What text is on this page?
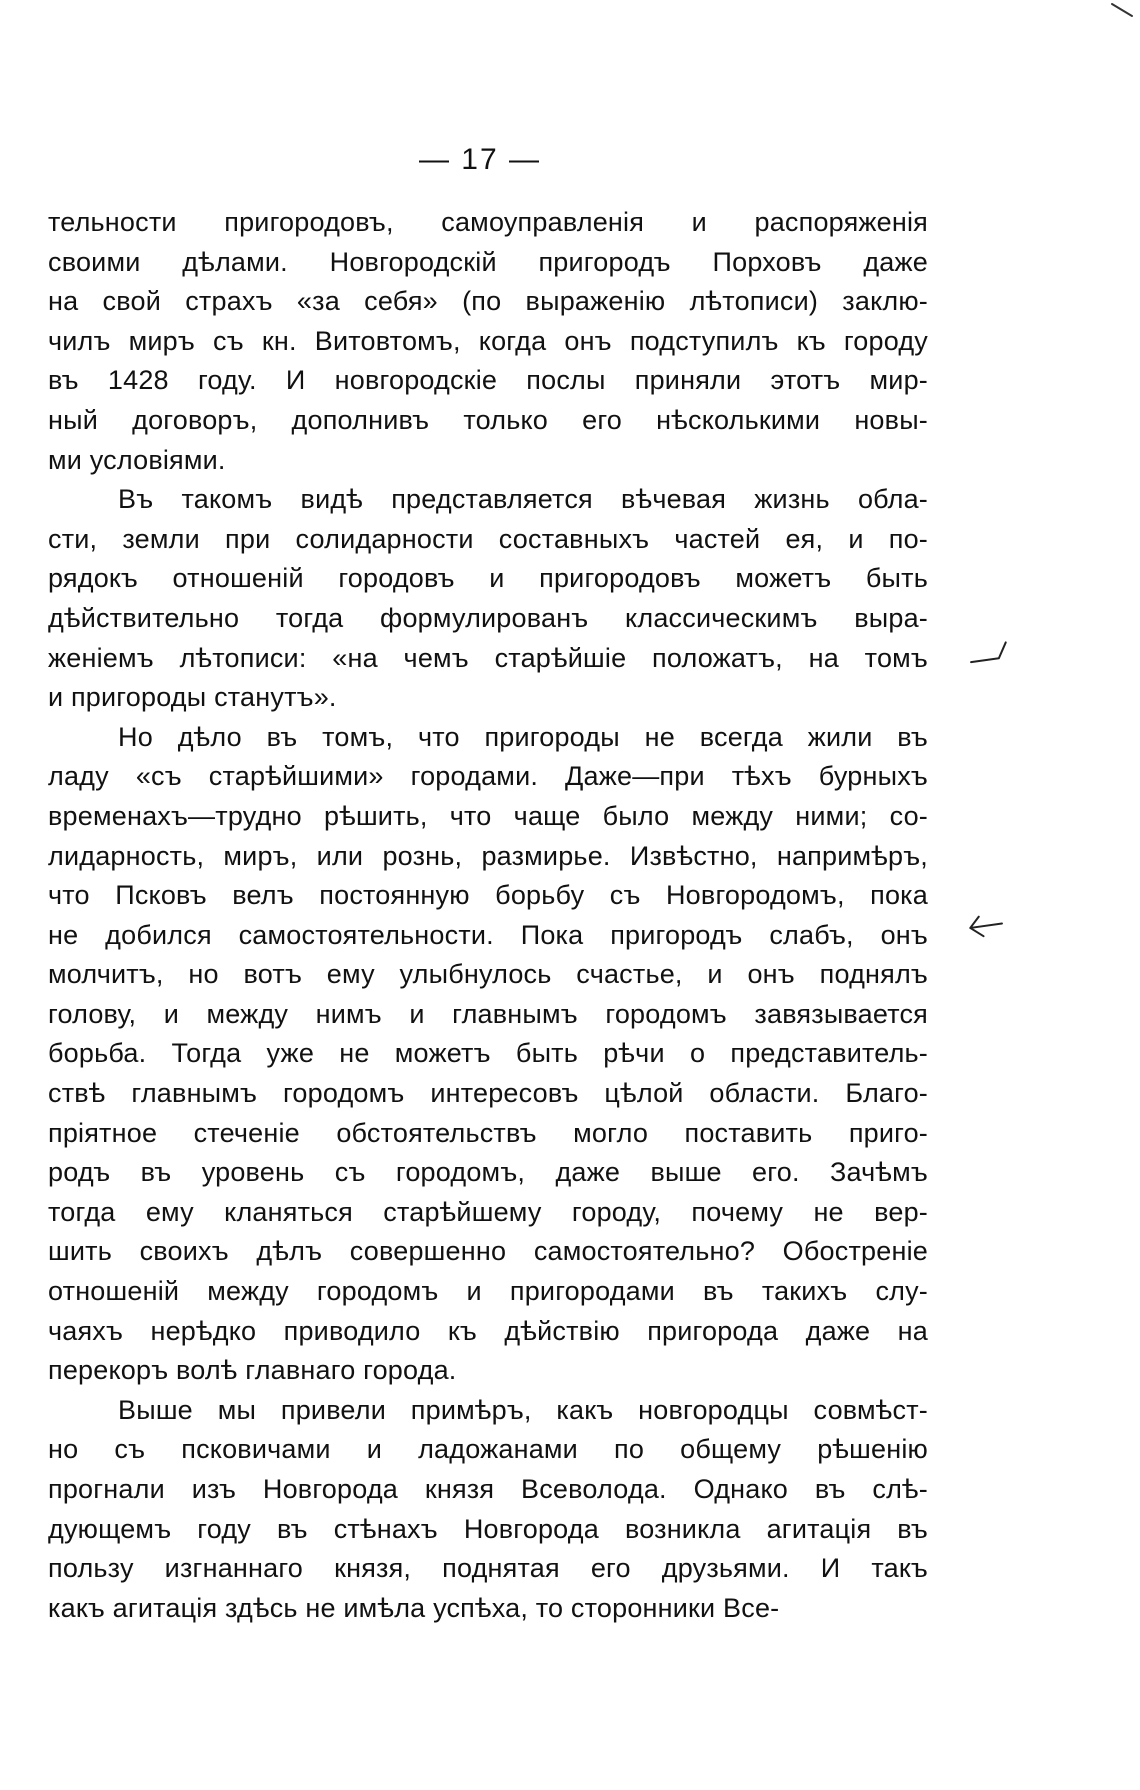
— 17 —
тельности пригородовъ, самоуправленія и распоряженія
своими дѣлами. Новгородскій пригородъ Порховъ даже
на свой страхъ «за себя» (по выраженію лѣтописи) заклю-
чилъ миръ съ кн. Витовтомъ, когда онъ подступилъ къ городу
въ 1428 году. И новгородскіе послы приняли этотъ мир-
ный договоръ, дополнивъ только его нѣсколькими новы-
ми условіями.
Въ такомъ видѣ представляется вѣчевая жизнь обла-
сти, земли при солидарности составныхъ частей ея, и по-
рядокъ отношеній городовъ и пригородовъ можетъ быть
дѣйствительно тогда формулированъ классическимъ выра-
женіемъ лѣтописи: «на чемъ старѣйшіе положатъ, на томъ
и пригороды станутъ».
Но дѣло въ томъ, что пригороды не всегда жили въ
ладу «съ старѣйшими» городами. Даже—при тѣхъ бурныхъ
временахъ—трудно рѣшить, что чаще было между ними; со-
лидарность, миръ, или рознь, размирье. Извѣстно, напримѣръ,
что Псковъ велъ постоянную борьбу съ Новгородомъ, пока
не добился самостоятельности. Пока пригородъ слабъ, онъ
молчитъ, но вотъ ему улыбнулось счастье, и онъ поднялъ
голову, и между нимъ и главнымъ городомъ завязывается
борьба. Тогда уже не можетъ быть рѣчи о представитель-
ствѣ главнымъ городомъ интересовъ цѣлой области. Благо-
пріятное стеченіе обстоятельствъ могло поставить приго-
родъ въ уровень съ городомъ, даже выше его. Зачѣмъ
тогда ему кланяться старѣйшему городу, почему не вер-
шить своихъ дѣлъ совершенно самостоятельно? Обостреніе
отношеній между городомъ и пригородами въ такихъ слу-
чаяхъ нерѣдко приводило къ дѣйствію пригорода даже на
перекоръ волѣ главнаго города.
Выше мы привели примѣръ, какъ новгородцы совмѣст-
но съ псковичами и ладожанами по общему рѣшенію
прогнали изъ Новгорода князя Всеволода. Однако въ слѣ-
дующемъ году въ стѣнахъ Новгорода возникла агитація въ
пользу изгнаннаго князя, поднятая его друзьями. И такъ
какъ агитація здѣсь не имѣла успѣха, то сторонники Все-
